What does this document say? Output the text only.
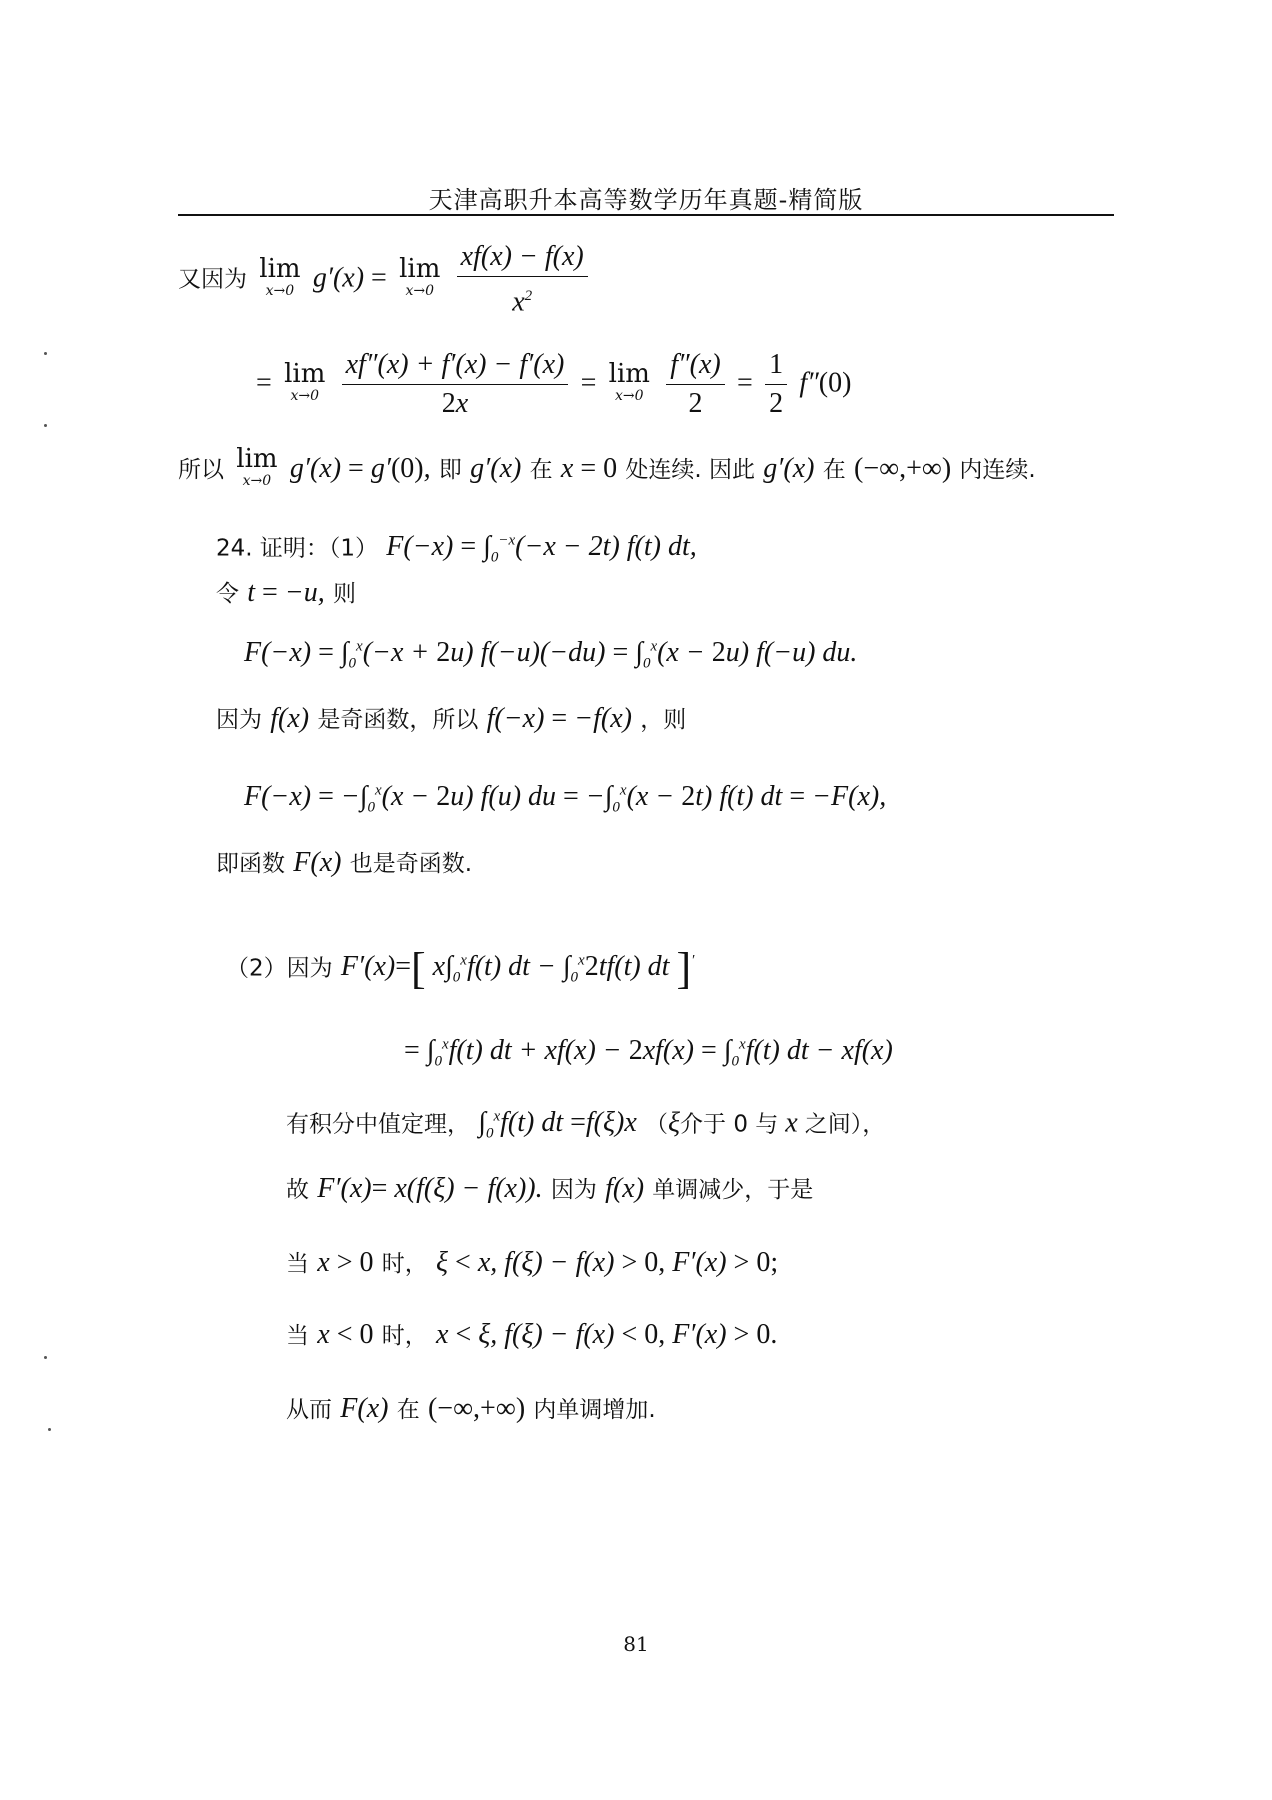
天津高职升本高等数学历年真题-精简版
又因为 lim
x→0 g′(x) = lim
x→0
$\frac{xf(x) - f(x)}{x^2}$
= lim
x→0
$\frac{xf''(x) + f'(x) - f'(x)}{2x} = \lim$
x→0
$\frac{f''(x)}{2} = \frac{1}{2} f''(0)$
所以 lim
x→0 g′(x) = g′(0), 即 g′(x) 在 x = 0 处连续. 因此 g′(x) 在 (−∞,+∞) 内连续.
24. 证明：（1） $F(-x) = \int_0^{-x}(-x - 2t)$ f(t) dt,
令 t = −u, 则
$F(-x) = \int_0^x(-x + 2u) f(-u)(-du) = \int_0^x(x - 2u)$ f(−u) du.
因为 f(x) 是奇函数，所以 f(−x) = −f(x) ，则
$F(-x) = -\int_0^x(x - 2u)$ f(u) du = $-\int_0^x(x - 2t)$ f(t) dt = −F(x),
即函数 F(x) 也是奇函数.
（2）因为 F′(x)=[ $x\int_0^xf(t)$ dt − $\int_0^x2tf(t)$ dt ]′
= $\int_0^xf(t)$ dt + $xf(x) - 2xf(x) = \int_0^xf(t)$ dt − xf(x)
有积分中值定理， $\int_0^xf(t)$ dt =f(ξ)x （ξ介于 0 与 x 之间），
故 F′(x)= x(f(ξ) − f(x)). 因为 f(x) 单调减少，于是
当 x > 0 时， ξ < x, f(ξ) − f(x) > 0, F′(x) > 0;
当 x < 0 时， x < ξ, f(ξ) − f(x) < 0, F′(x) > 0.
从而 F(x) 在 (−∞,+∞) 内单调增加.
81
